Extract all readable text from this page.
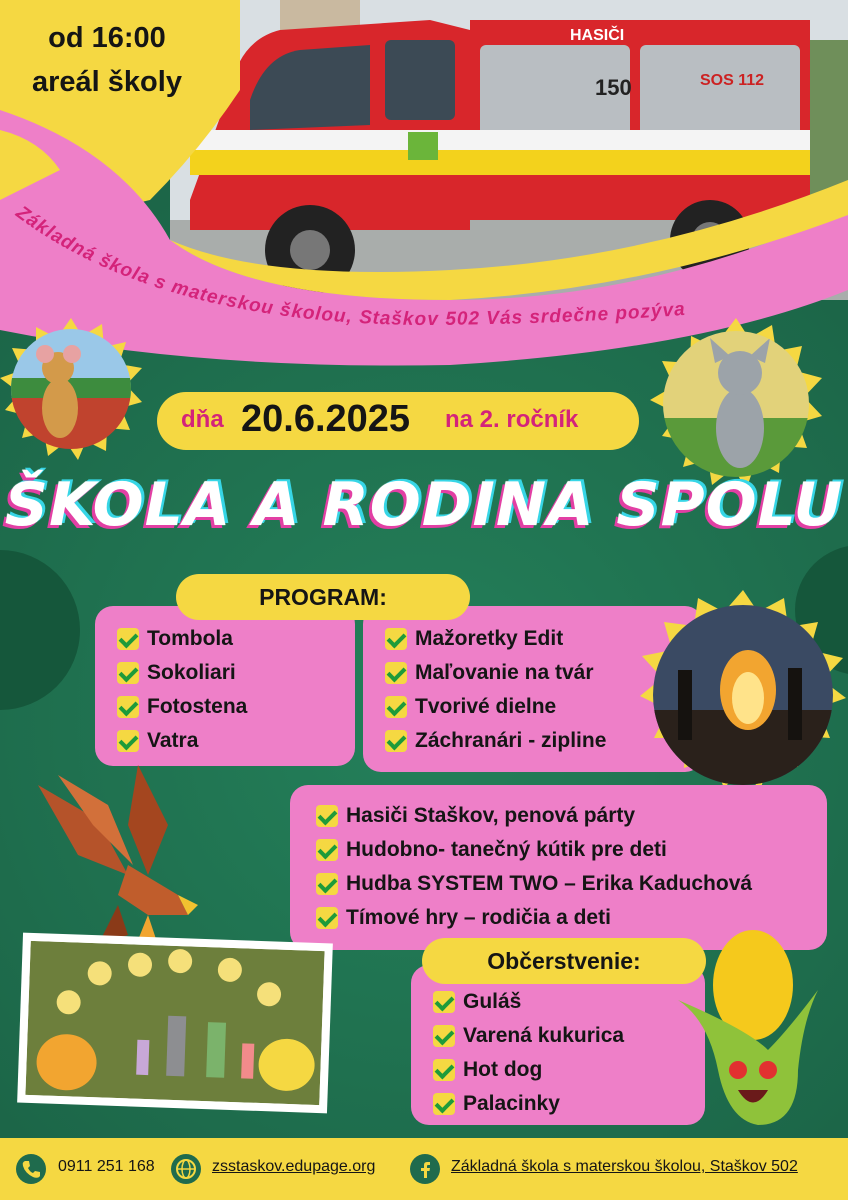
HASIČI
150	SOS 112
od 16:00
areál školy
Základná škola s materskou školou, Staškov 502 Vás srdečne pozýva
dňa 20.6.2025 na 2. ročník
ŠKOLA A RODINA SPOLU
Tombola
Sokoliari
Fotostena
Vatra
Mažoretky Edit
Maľovanie na tvár
Tvorivé dielne
Záchranári - zipline
PROGRAM:
Hasiči Staškov, penová párty
Hudobno- tanečný kútik pre deti
Hudba SYSTEM TWO – Erika Kaduchová
Tímové hry – rodičia a deti
Guláš
Varená kukurica
Hot dog
Palacinky
Občerstvenie:
0911 251 168	zsstaskov.edupage.org	Základná škola s materskou školou, Staškov 502
